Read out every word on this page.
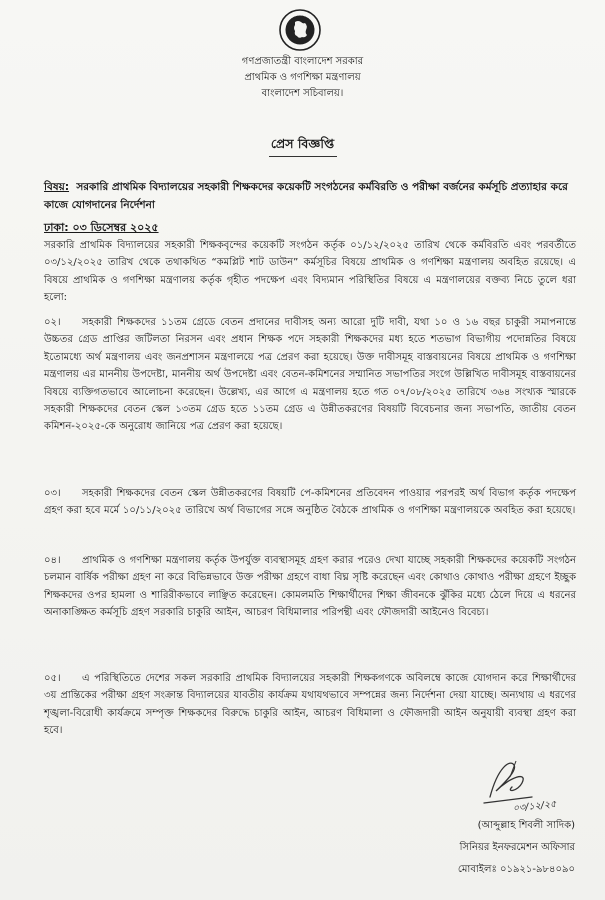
গণপ্রজাতন্ত্রী বাংলাদেশ সরকার
প্রাথমিক ও গণশিক্ষা মন্ত্রণালয়
বাংলাদেশ সচিবালয়।
প্রেস বিজ্ঞপ্তি
বিষয়: সরকারি প্রাথমিক বিদ্যালয়ের সহকারী শিক্ষকদের কয়েকটি সংগঠনের কর্মবিরতি ও পরীক্ষা বর্জনের কর্মসূচি প্রত্যাহার করে কাজে যোগদানের নির্দেশনা
ঢাকা: ০৩ ডিসেম্বর ২০২৫
সরকারি প্রাথমিক বিদ্যালয়ের সহকারী শিক্ষকবৃন্দের কয়েকটি সংগঠন কর্তৃক ০১/১২/২০২৫ তারিখ থেকে কর্মবিরতি এবং পরবর্তীতে ০৩/১২/২০২৫ তারিখ থেকে তথাকথিত “কমপ্লিট শাট ডাউন” কর্মসূচির বিষয়ে প্রাথমিক ও গণশিক্ষা মন্ত্রণালয় অবহিত রয়েছে। এ বিষয়ে প্রাথমিক ও গণশিক্ষা মন্ত্রণালয় কর্তৃক গৃহীত পদক্ষেপ এবং বিদ্যমান পরিস্থিতির বিষয়ে এ মন্ত্রণালয়ের বক্তব্য নিচে তুলে ধরা হলো:
০২। সহকারী শিক্ষকদের ১১তম গ্রেডে বেতন প্রদানের দাবীসহ অন্য আরো দুটি দাবী, যথা ১০ ও ১৬ বছর চাকুরী সমাপনান্তে উচ্চতর গ্রেড প্রাপ্তির জটিলতা নিরসন এবং প্রধান শিক্ষক পদে সহকারী শিক্ষকদের মধ্য হতে শতভাগ বিভাগীয় পদোন্নতির বিষয়ে ইতোমধ্যে অর্থ মন্ত্রণালয় এবং জনপ্রশাসন মন্ত্রণালয়ে পত্র প্রেরণ করা হয়েছে। উক্ত দাবীসমূহ বাস্তবায়নের বিষয়ে প্রাথমিক ও গণশিক্ষা মন্ত্রণালয় এর মাননীয় উপদেষ্টা, মাননীয় অর্থ উপদেষ্টা এবং বেতন-কমিশনের সম্মানিত সভাপতির সংগে উল্লিখিত দাবীসমূহ বাস্তবায়নের বিষয়ে ব্যক্তিগতভাবে আলোচনা করেছেন। উল্লেখ্য, এর আগে এ মন্ত্রণালয় হতে গত ০৭/০৮/২০২৫ তারিখে ৩৬৪ সংখ্যক স্মারকে সহকারী শিক্ষকদের বেতন স্কেল ১৩তম গ্রেড হতে ১১তম গ্রেড এ উন্নীতকরণের বিষয়টি বিবেচনার জন্য সভাপতি, জাতীয় বেতন কমিশন-২০২৫-কে অনুরোধ জানিয়ে পত্র প্রেরণ করা হয়েছে।
০৩। সহকারী শিক্ষকদের বেতন স্কেল উন্নীতকরণের বিষয়টি পে-কমিশনের প্রতিবেদন পাওয়ার পরপরই অর্থ বিভাগ কর্তৃক পদক্ষেপ গ্রহণ করা হবে মর্মে ১০/১১/২০২৫ তারিখে অর্থ বিভাগের সঙ্গে অনুষ্ঠিত বৈঠকে প্রাথমিক ও গণশিক্ষা মন্ত্রণালয়কে অবহিত করা হয়েছে।
০৪। প্রাথমিক ও গণশিক্ষা মন্ত্রণালয় কর্তৃক উপর্যুক্ত ব্যবস্থাসমূহ গ্রহণ করার পরেও দেখা যাচ্ছে সহকারী শিক্ষকদের কয়েকটি সংগঠন চলমান বার্ষিক পরীক্ষা গ্রহণ না করে বিভিন্নভাবে উক্ত পরীক্ষা গ্রহণে বাধা বিঘ্ন সৃষ্টি করেছেন এবং কোথাও কোথাও পরীক্ষা গ্রহণে ইচ্ছুক শিক্ষকদের ওপর হামলা ও শারিরীকভাবে লাঞ্ছিত করেছেন। কোমলমতি শিক্ষার্থীদের শিক্ষা জীবনকে ঝুঁকির মধ্যে ঠেলে দিয়ে এ ধরনের অনাকাঙ্ক্ষিত কর্মসূচি গ্রহণ সরকারি চাকুরি আইন, আচরণ বিধিমালার পরিপন্থী এবং ফৌজদারী আইনেও বিবেচ্য।
০৫। এ পরিস্থিতিতে দেশের সকল সরকারি প্রাথমিক বিদ্যালয়ের সহকারী শিক্ষকগণকে অবিলম্বে কাজে যোগদান করে শিক্ষার্থীদের ৩য় প্রান্তিকের পরীক্ষা গ্রহণ সংক্রান্ত বিদ্যালয়ের যাবতীয় কার্যক্রম যথাযথভাবে সম্পন্নের জন্য নির্দেশনা দেয়া যাচ্ছে। অন্যথায় এ ধরণের শৃঙ্খলা-বিরোধী কার্যক্রমে সম্পৃক্ত শিক্ষকদের বিরুদ্ধে চাকুরি আইন, আচরণ বিধিমালা ও ফৌজদারী আইন অনুযায়ী ব্যবস্থা গ্রহণ করা হবে।
০৩/১২/২৫
(আব্দুল্লাহ শিবলী সাদিক)
সিনিয়র ইনফরমেশন অফিসার
মোবাইলঃ ০১৯২১-৯৮৪০৯০
